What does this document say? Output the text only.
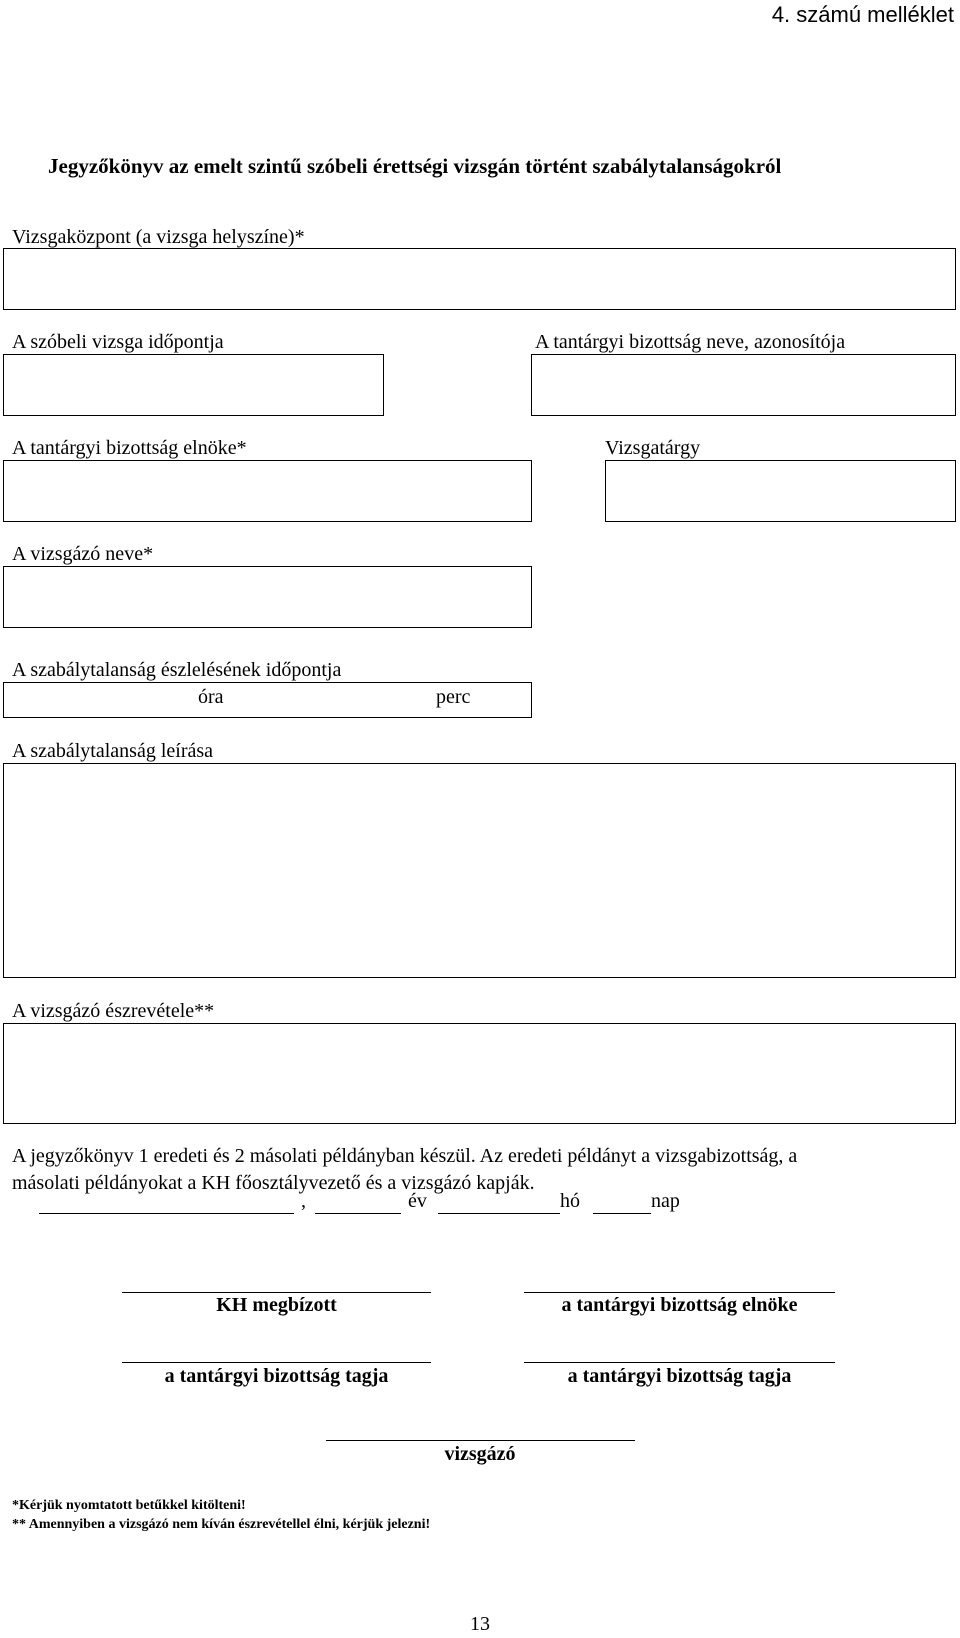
4. számú melléklet
Jegyzőkönyv az emelt szintű szóbeli érettségi vizsgán történt szabálytalanságokról
Vizsgaközpont (a vizsga helyszíne)*
A szóbeli vizsga időpontja	A tantárgyi bizottság neve, azonosítója
A tantárgyi bizottság elnöke*	Vizsgatárgy
A vizsgázó neve*
A szabálytalanság észlelésének időpontja
óra	perc
A szabálytalanság leírása
A vizsgázó észrevétele**
A jegyzőkönyv 1 eredeti és 2 másolati példányban készül. Az eredeti példányt a vizsgabizottság, a
másolati példányokat a KH főosztályvezető és a vizsgázó kapják.
,	év	hó	nap
KH megbízott	a tantárgyi bizottság elnöke
a tantárgyi bizottság tagja	a tantárgyi bizottság tagja
vizsgázó
*Kérjük nyomtatott betűkkel kitölteni!
** Amennyiben a vizsgázó nem kíván észrevétellel élni, kérjük jelezni!
13
